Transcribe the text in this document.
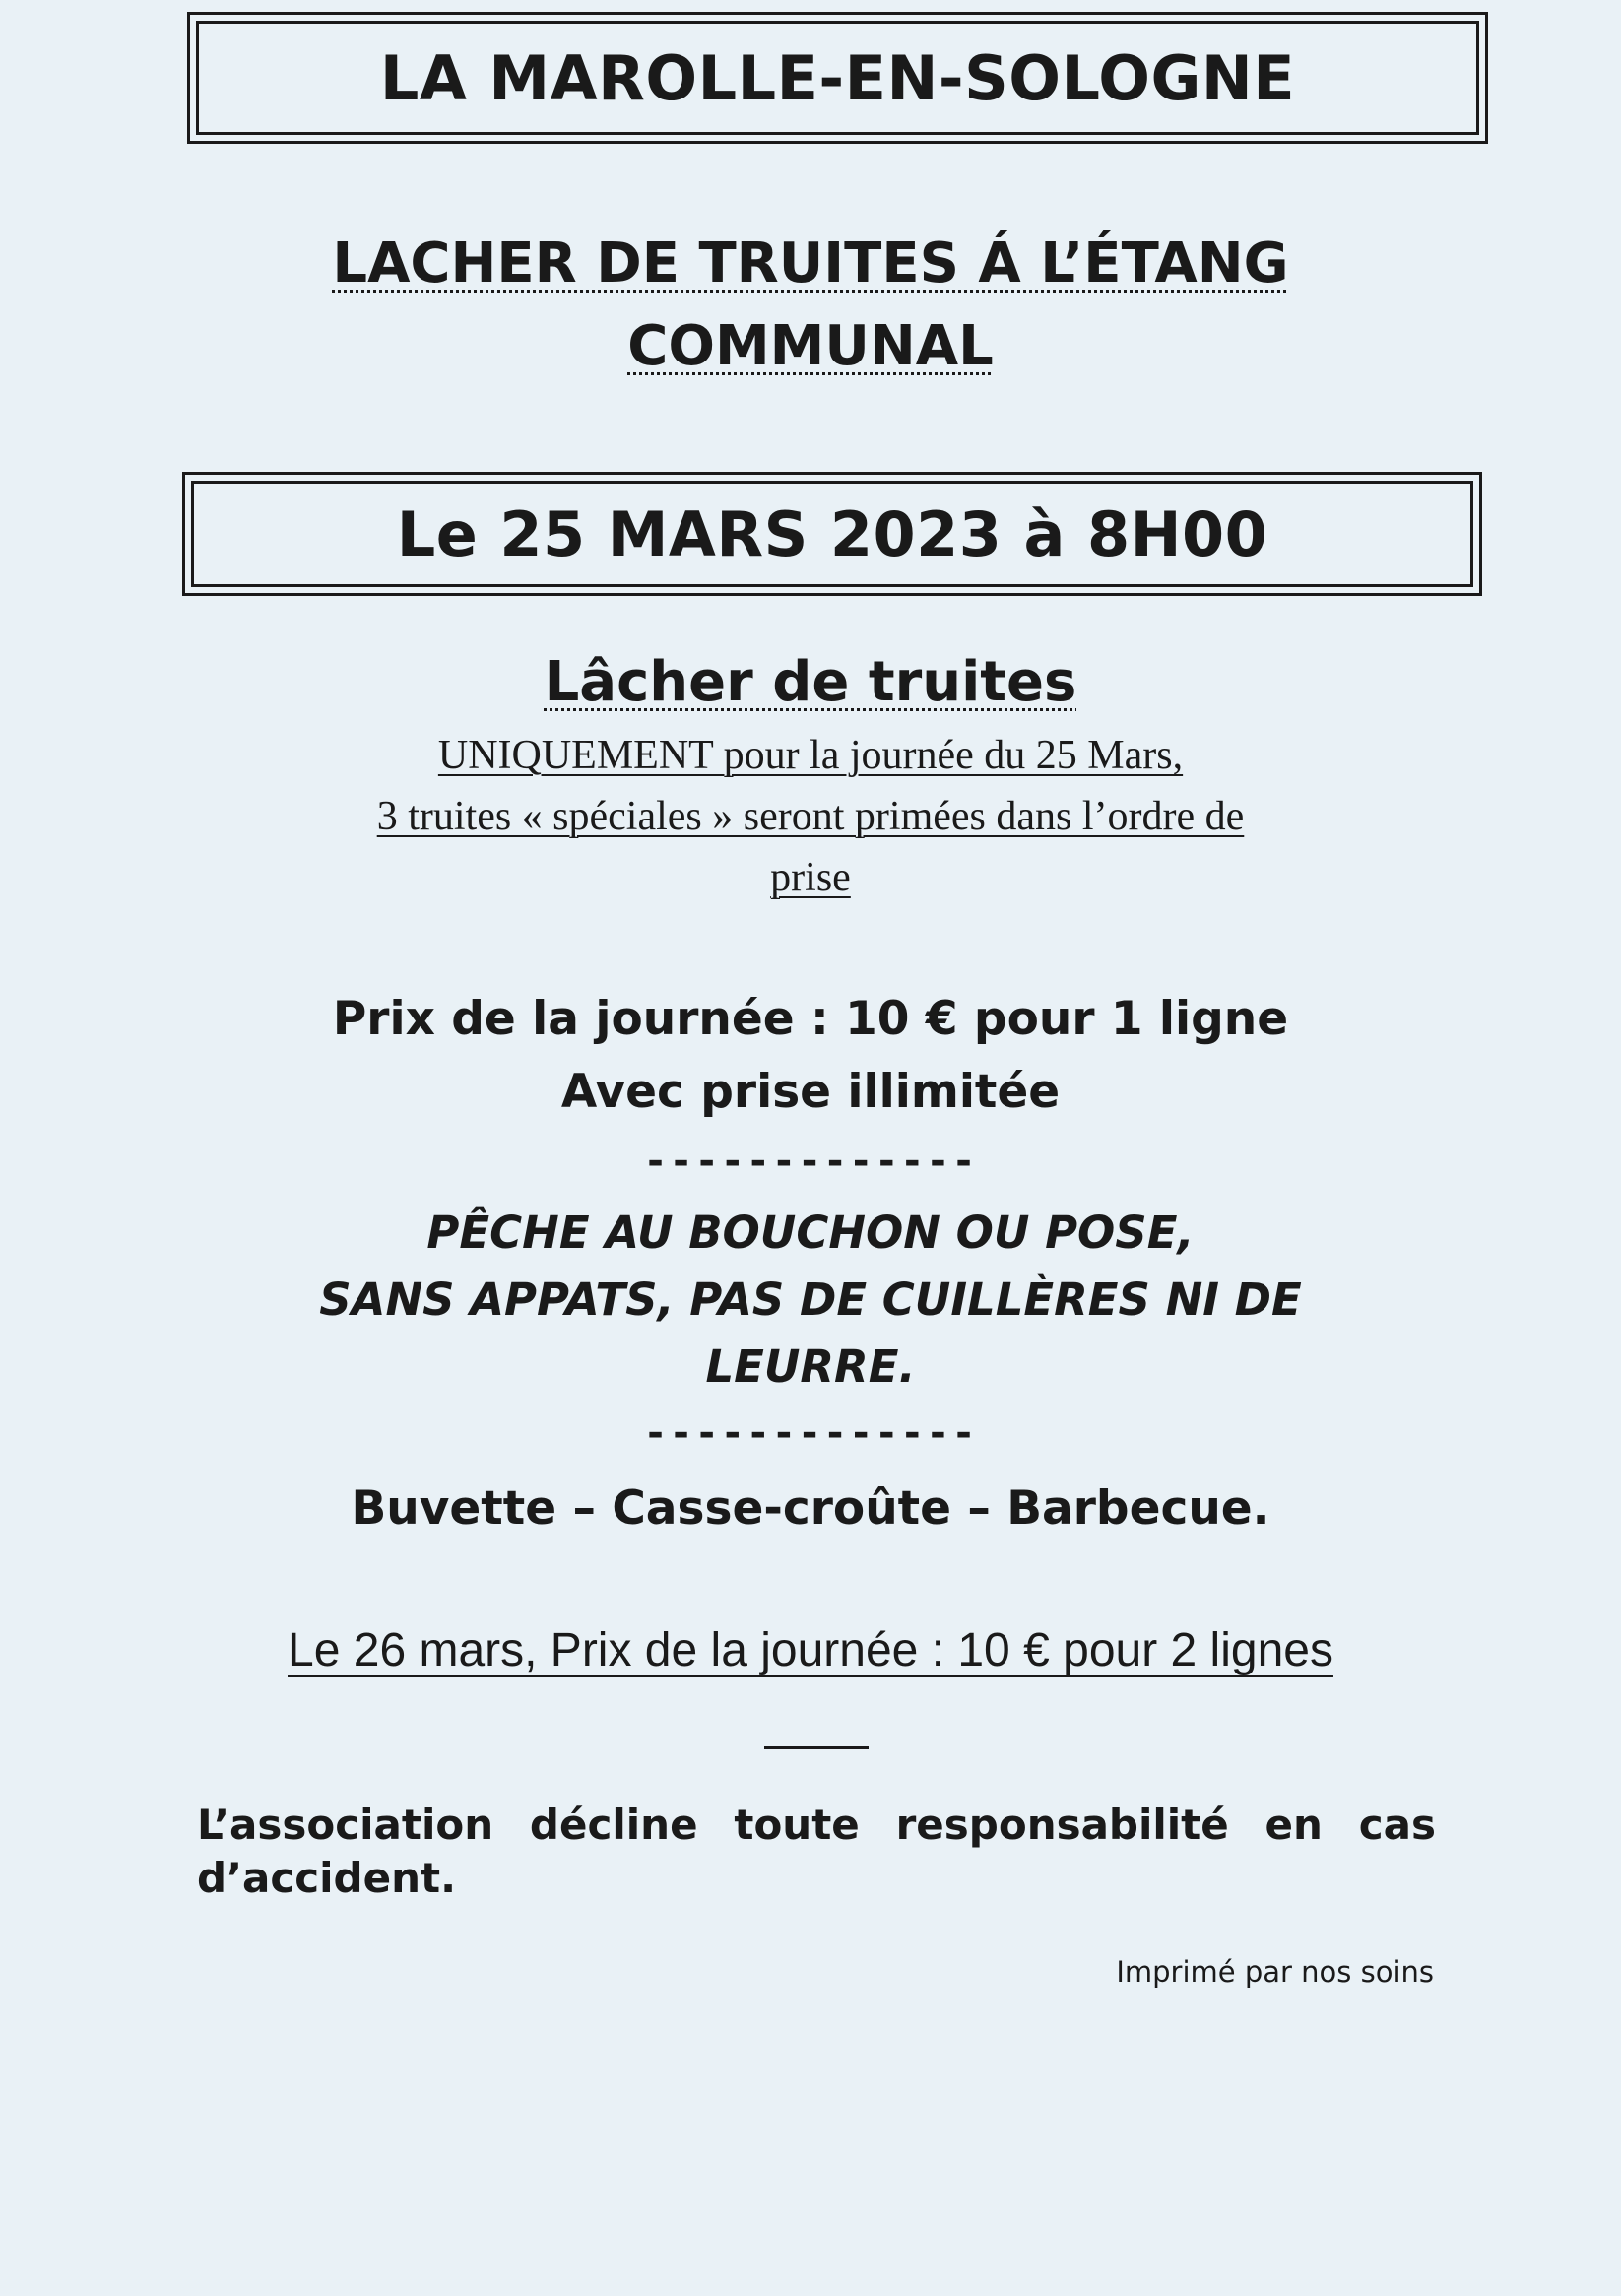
LA MAROLLE-EN-SOLOGNE
LACHER DE TRUITES Á L’ÉTANG
COMMUNAL
Le 25 MARS 2023 à 8H00
Lâcher de truites
UNIQUEMENT pour la journée du 25 Mars,
3 truites « spéciales » seront primées dans l’ordre de
prise
Prix de la journée : 10 € pour 1 ligne
Avec prise illimitée
-------------
PÊCHE AU BOUCHON OU POSE,
SANS APPATS, PAS DE CUILLÈRES NI DE
LEURRE.
-------------
Buvette – Casse-croûte – Barbecue.
Le 26 mars, Prix de la journée : 10 € pour 2 lignes
L’association décline toute responsabilité en cas d’accident.
Imprimé par nos soins
